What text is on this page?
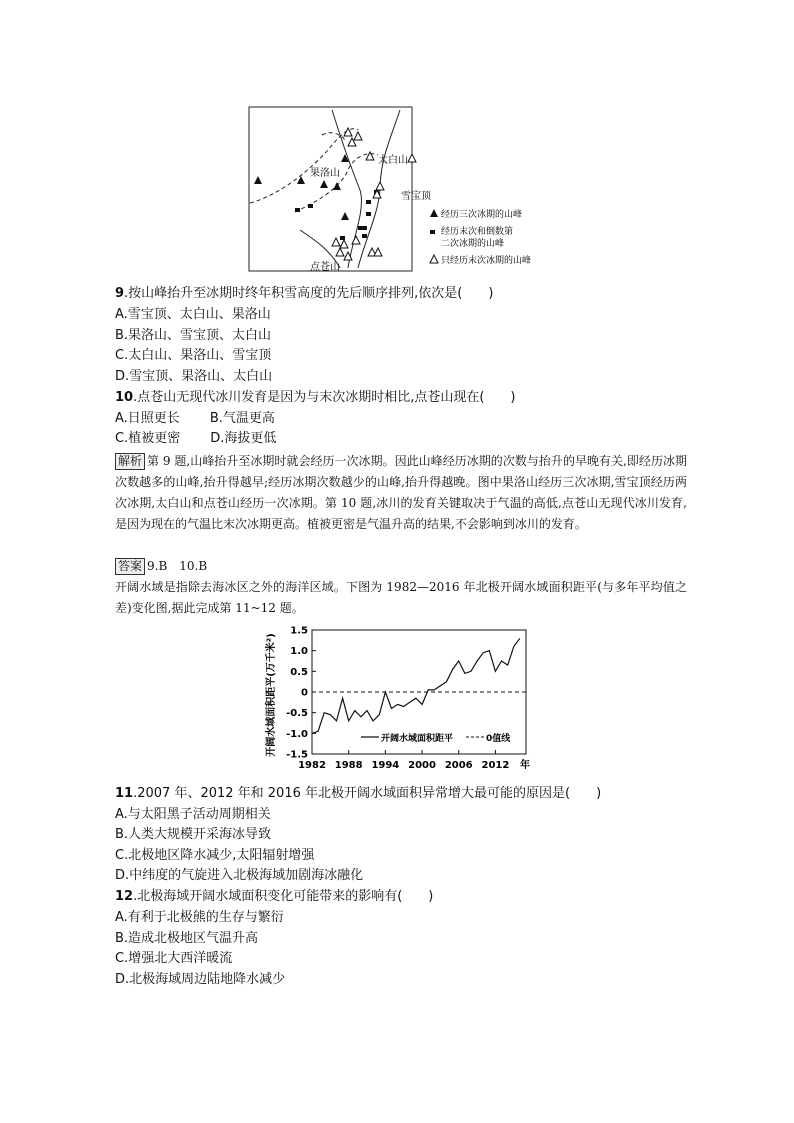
果洛山
太白山
雪宝顶
点苍山
经历三次冰期的山峰
经历末次和倒数第
二次冰期的山峰
只经历末次冰期的山峰
9.按山峰抬升至冰期时终年积雪高度的先后顺序排列,依次是(　　)
A.雪宝顶、太白山、果洛山
B.果洛山、雪宝顶、太白山
C.太白山、果洛山、雪宝顶
D.雪宝顶、果洛山、太白山
10.点苍山无现代冰川发育是因为与末次冰期时相比,点苍山现在(　　)
A.日照更长 B.气温更高
C.植被更密 D.海拔更低
解析 第 9 题,山峰抬升至冰期时就会经历一次冰期。因此山峰经历冰期的次数与抬升的早晚有关,即经历冰期次数越多的山峰,抬升得越早;经历冰期次数越少的山峰,抬升得越晚。图中果洛山经历三次冰期,雪宝顶经历两次冰期,太白山和点苍山经历一次冰期。第 10 题,冰川的发育关键取决于气温的高低,点苍山无现代冰川发育,是因为现在的气温比末次冰期更高。植被更密是气温升高的结果,不会影响到冰川的发育。
答案 9.B　10.B
开阔水域是指除去海冰区之外的海洋区域。下图为 1982—2016 年北极开阔水域面积距平(与多年平均值之差)变化图,据此完成第 11~12 题。
开阔水域面积距平(万千米²)
1.5
1.0
0.5
0
-0.5
-1.0
-1.5
1982 1988 1994 2000 2006 2012
开阔水域面积距平	0值线
年
11.2007 年、2012 年和 2016 年北极开阔水域面积异常增大最可能的原因是(　　)
A.与太阳黑子活动周期相关
B.人类大规模开采海冰导致
C.北极地区降水减少,太阳辐射增强
D.中纬度的气旋进入北极海域加剧海冰融化
12.北极海域开阔水域面积变化可能带来的影响有(　　)
A.有利于北极熊的生存与繁衍
B.造成北极地区气温升高
C.增强北大西洋暖流
D.北极海域周边陆地降水减少
